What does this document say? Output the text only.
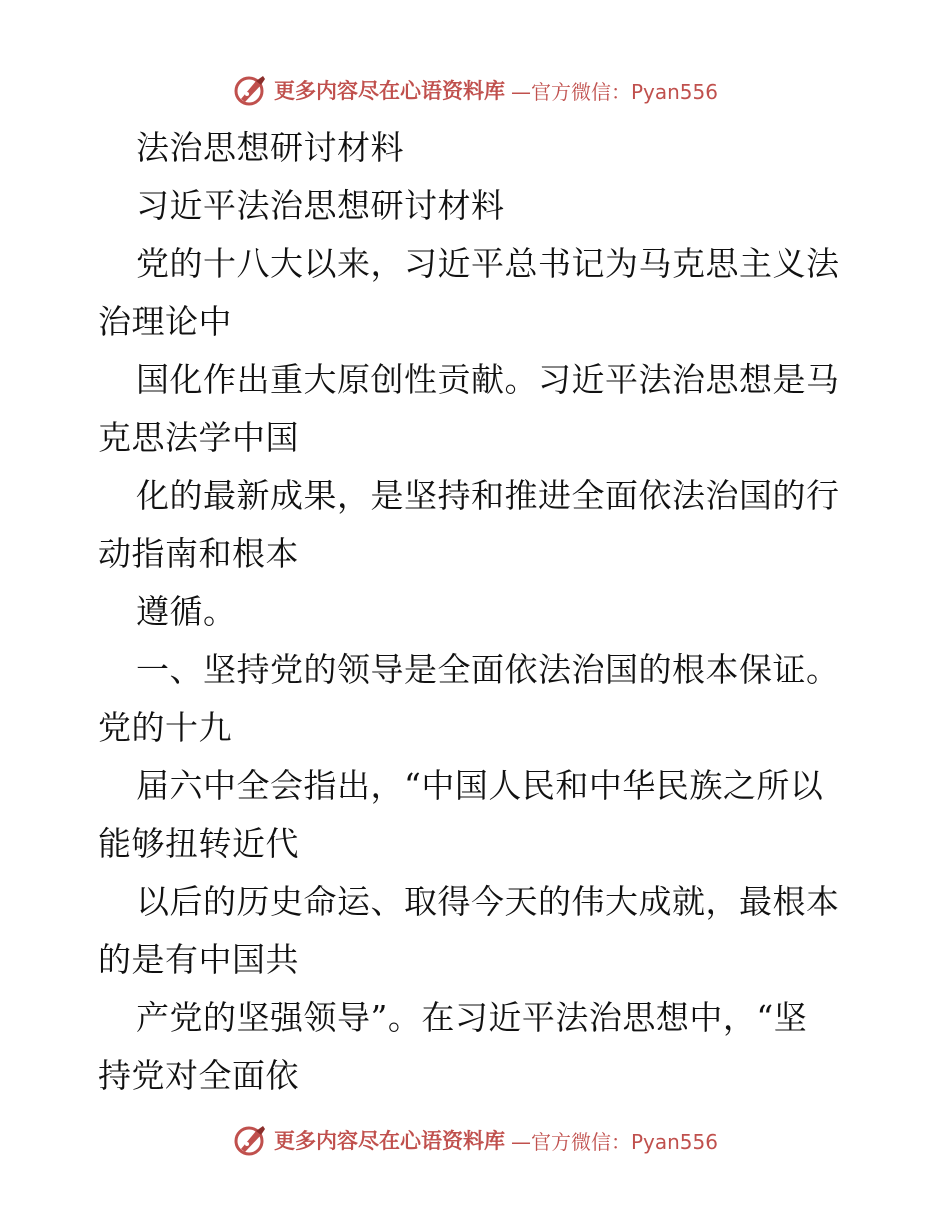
更多内容尽在心语资料库 —官方微信：Pyan556
法治思想研讨材料
习近平法治思想研讨材料
党的十八大以来，习近平总书记为马克思主义法
治理论中
国化作出重大原创性贡献。习近平法治思想是马
克思法学中国
化的最新成果，是坚持和推进全面依法治国的行
动指南和根本
遵循。
一、坚持党的领导是全面依法治国的根本保证。
党的十九
届六中全会指出，“中国人民和中华民族之所以
能够扭转近代
以后的历史命运、取得今天的伟大成就，最根本
的是有中国共
产党的坚强领导”。在习近平法治思想中，“坚
持党对全面依
更多内容尽在心语资料库 —官方微信：Pyan556
